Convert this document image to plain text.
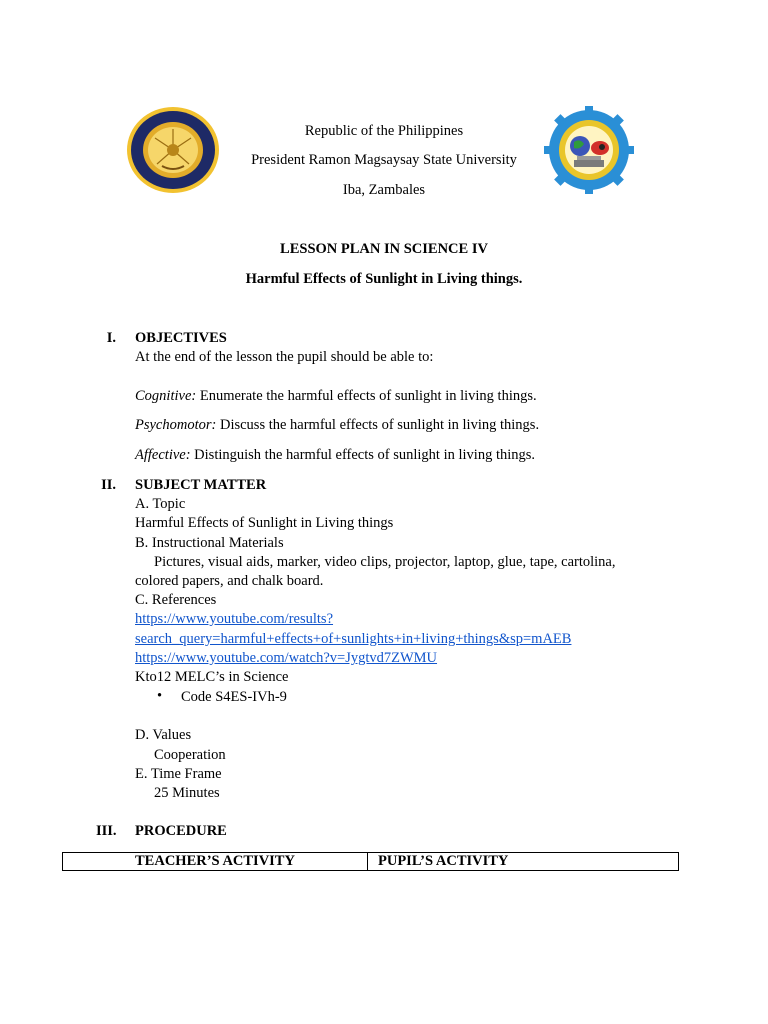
Republic of the Philippines
President Ramon Magsaysay State University
Iba, Zambales
LESSON PLAN IN SCIENCE IV
Harmful Effects of Sunlight in Living things.
I. OBJECTIVES
At the end of the lesson the pupil should be able to:
Cognitive: Enumerate the harmful effects of sunlight in living things.
Psychomotor: Discuss the harmful effects of sunlight in living things.
Affective: Distinguish the harmful effects of sunlight in living things.
II. SUBJECT MATTER
A. Topic
Harmful Effects of Sunlight in Living things
B. Instructional Materials
Pictures, visual aids, marker, video clips, projector, laptop, glue, tape, cartolina,
colored papers, and chalk board.
C. References
https://www.youtube.com/results?
search_query=harmful+effects+of+sunlights+in+living+things&sp=mAEB
https://www.youtube.com/watch?v=Jygtvd7ZWMU
Kto12 MELC’s in Science
• Code S4ES-IVh-9
D. Values
Cooperation
E. Time Frame
25 Minutes
III. PROCEDURE
TEACHER’S ACTIVITY	PUPIL’S ACTIVITY
